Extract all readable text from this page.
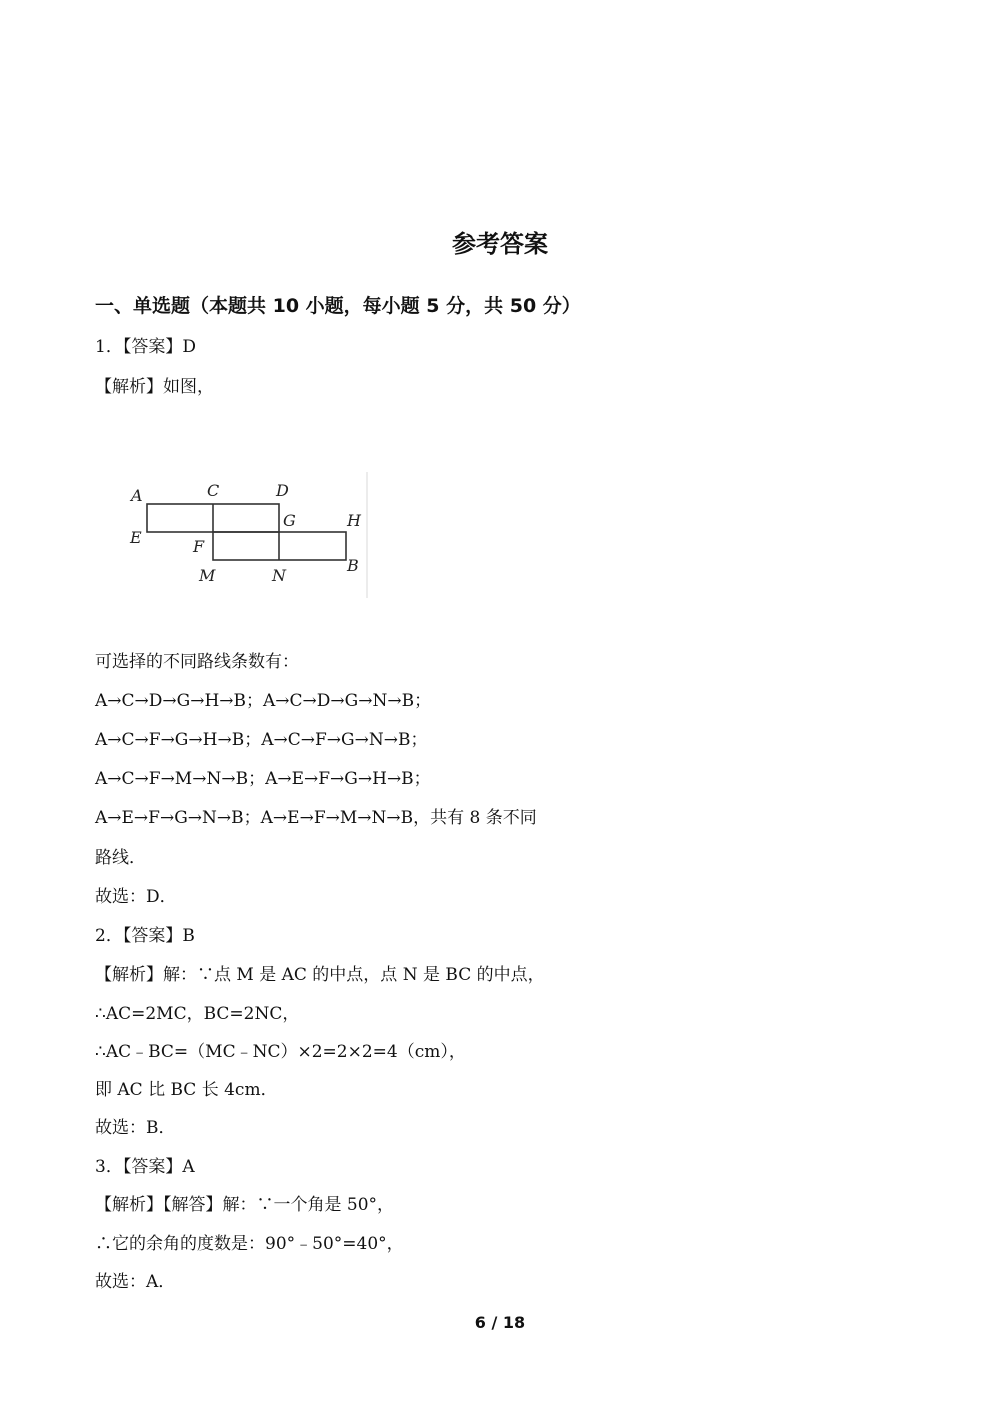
参考答案
一、单选题（本题共 10 小题，每小题 5 分，共 50 分）
1．【答案】D
【解析】如图，
A	C	D
E	F
G	H
M	N
B
可选择的不同路线条数有：
A→C→D→G→H→B；A→C→D→G→N→B；
A→C→F→G→H→B；A→C→F→G→N→B；
A→C→F→M→N→B；A→E→F→G→H→B；
A→E→F→G→N→B；A→E→F→M→N→B，共有 8 条不同
路线．
故选：D．
2．【答案】B
【解析】解：∵点 M 是 AC 的中点，点 N 是 BC 的中点，
∴AC=2MC，BC=2NC，
∴AC﹣BC=（MC﹣NC）×2=2×2=4（cm），
即 AC 比 BC 长 4cm．
故选：B．
3．【答案】A
【解析】【解答】解：∵一个角是 50°，
∴它的余角的度数是：90°﹣50°=40°，
故选：A．
6 / 18
